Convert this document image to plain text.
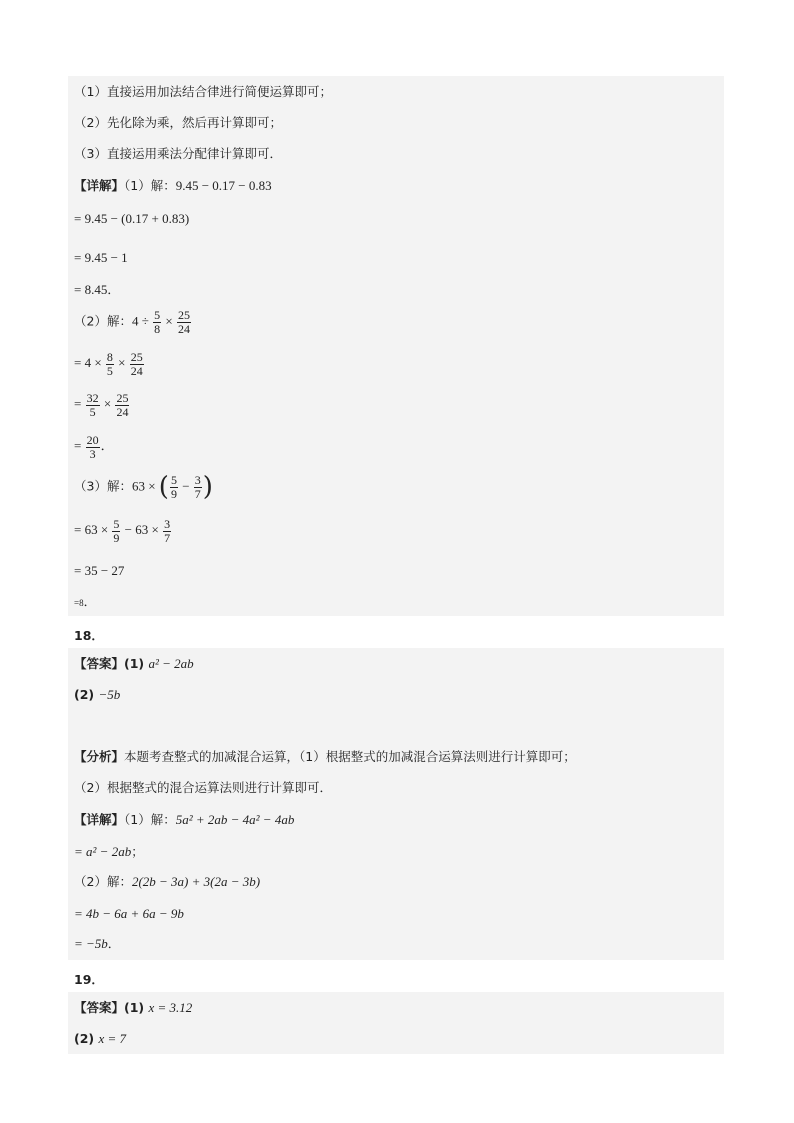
（1）直接运用加法结合律进行简便运算即可；
（2）先化除为乘，然后再计算即可；
（3）直接运用乘法分配律计算即可．
【详解】（1）解：9.45 − 0.17 − 0.83
= 9.45 − (0.17 + 0.83)
= 9.45 − 1
= 8.45．
（2）解：$4 \div \frac{5}{8} \times \frac{25}{24}$
= $4 \times \frac{8}{5} \times \frac{25}{24}$
= $\frac{32}{5} \times \frac{25}{24}$
= $\frac{20}{3}$ ．
（3）解：63 × ( $\frac{5}{9} - \frac{3}{7}$ )
= $63 \times \frac{5}{9} - 63 \times \frac{3}{7}$
= 35 − 27
=8．
18．
【答案】(1) a² − 2ab
(2) −5b
【分析】本题考查整式的加减混合运算，（1）根据整式的加减混合运算法则进行计算即可；
（2）根据整式的混合运算法则进行计算即可．
【详解】（1）解：5a² + 2ab − 4a² − 4ab
= a² − 2ab；
（2）解：2(2b − 3a) + 3(2a − 3b)
= 4b − 6a + 6a − 9b
= −5b．
19．
【答案】(1) x = 3.12
(2) x = 7
